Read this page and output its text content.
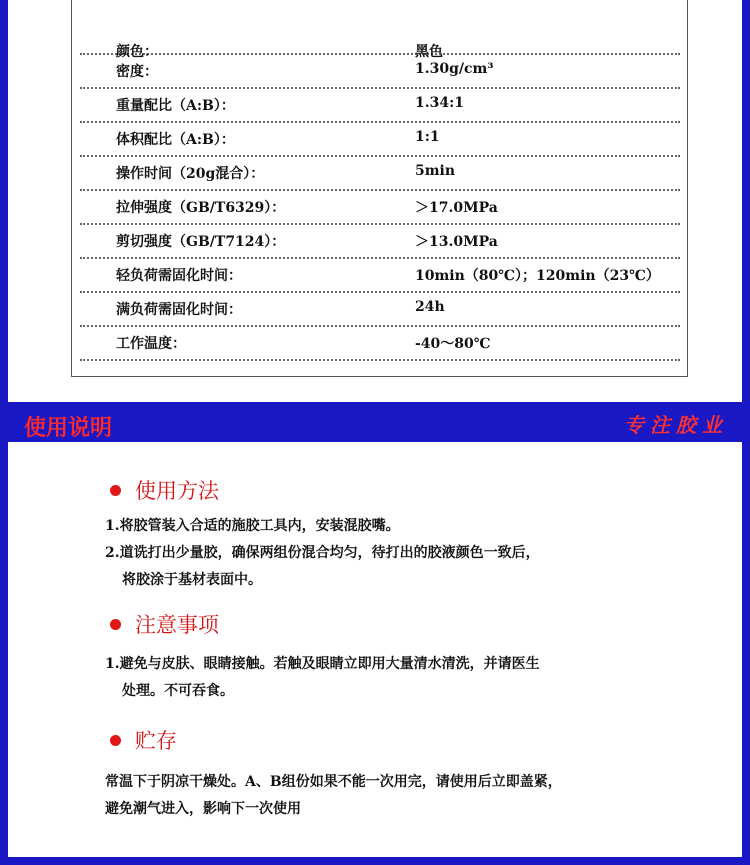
颜色：	黑色
密度：	1.30g/cm³
重量配比（A:B）：	1.34:1
体积配比（A:B）：	1:1
操作时间（20g混合）：	5min
拉伸强度（GB/T6329）：	＞17.0MPa
剪切强度（GB/T7124）：	＞13.0MPa
轻负荷需固化时间：	10min（80℃）；120min（23℃）
满负荷需固化时间：	24h
工作温度：	-40～80℃
使用说明	专注胶业
使用方法
1.将胶管装入合适的施胶工具内，安装混胶嘴。
2.道诜打出少量胶，确保两组份混合均匀，待打出的胶液颜色一致后，
将胶涂于基材表面中。
注意事项
1.避免与皮肤、眼睛接触。若触及眼睛立即用大量清水清洗，并请医生
处理。不可吞食。
贮存
常温下于阴凉干燥处。A、B组份如果不能一次用完，请使用后立即盖紧，
避免潮气进入，影响下一次使用
